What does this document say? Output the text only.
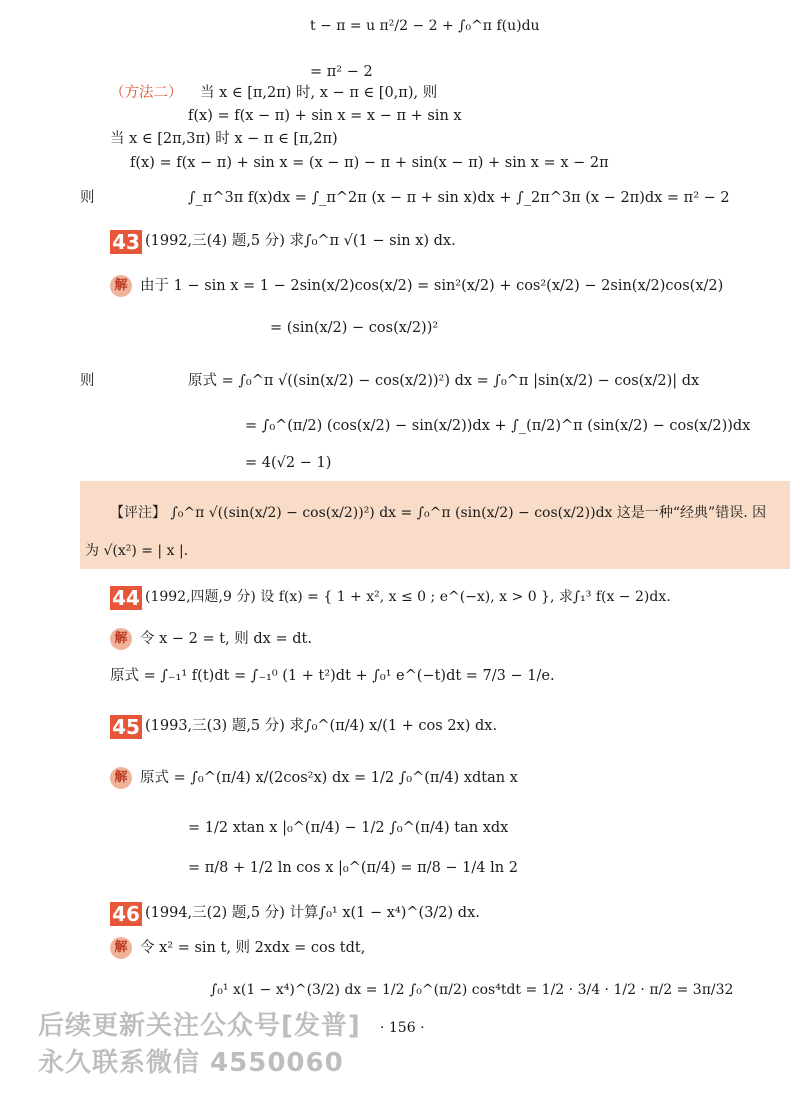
t − π = u π²/2 − 2 + ∫₀^π f(u)du
= π² − 2
（方法二） 当 x ∈ [π,2π) 时, x − π ∈ [0,π), 则
f(x) = f(x − π) + sin x = x − π + sin x
当 x ∈ [2π,3π) 时 x − π ∈ [π,2π)
f(x) = f(x − π) + sin x = (x − π) − π + sin(x − π) + sin x = x − 2π
则	∫_π^3π f(x)dx = ∫_π^2π (x − π + sin x)dx + ∫_2π^3π (x − 2π)dx = π² − 2
43 (1992,三(4) 题,5 分) 求∫₀^π √(1 − sin x) dx.
解 由于 1 − sin x = 1 − 2sin(x/2)cos(x/2) = sin²(x/2) + cos²(x/2) − 2sin(x/2)cos(x/2)
= (sin(x/2) − cos(x/2))²
则	原式 = ∫₀^π √((sin(x/2) − cos(x/2))²) dx = ∫₀^π |sin(x/2) − cos(x/2)| dx
= ∫₀^(π/2) (cos(x/2) − sin(x/2))dx + ∫_(π/2)^π (sin(x/2) − cos(x/2))dx
= 4(√2 − 1)
【评注】 ∫₀^π √((sin(x/2) − cos(x/2))²) dx = ∫₀^π (sin(x/2) − cos(x/2))dx 这是一种“经典”错误. 因
为 √(x²) = | x |.
44 (1992,四题,9 分) 设 f(x) = { 1 + x², x ≤ 0 ; e^(−x), x > 0 }, 求∫₁³ f(x − 2)dx.
解 令 x − 2 = t, 则 dx = dt.
原式 = ∫₋₁¹ f(t)dt = ∫₋₁⁰ (1 + t²)dt + ∫₀¹ e^(−t)dt = 7/3 − 1/e.
45 (1993,三(3) 题,5 分) 求∫₀^(π/4) x/(1 + cos 2x) dx.
解 原式 = ∫₀^(π/4) x/(2cos²x) dx = 1/2 ∫₀^(π/4) xdtan x
= 1/2 xtan x |₀^(π/4) − 1/2 ∫₀^(π/4) tan xdx
= π/8 + 1/2 ln cos x |₀^(π/4) = π/8 − 1/4 ln 2
46 (1994,三(2) 题,5 分) 计算∫₀¹ x(1 − x⁴)^(3/2) dx.
解 令 x² = sin t, 则 2xdx = cos tdt,
∫₀¹ x(1 − x⁴)^(3/2) dx = 1/2 ∫₀^(π/2) cos⁴tdt = 1/2 · 3/4 · 1/2 · π/2 = 3π/32
· 156 ·
后续更新关注公众号[发普]
永久联系微信 4550060
